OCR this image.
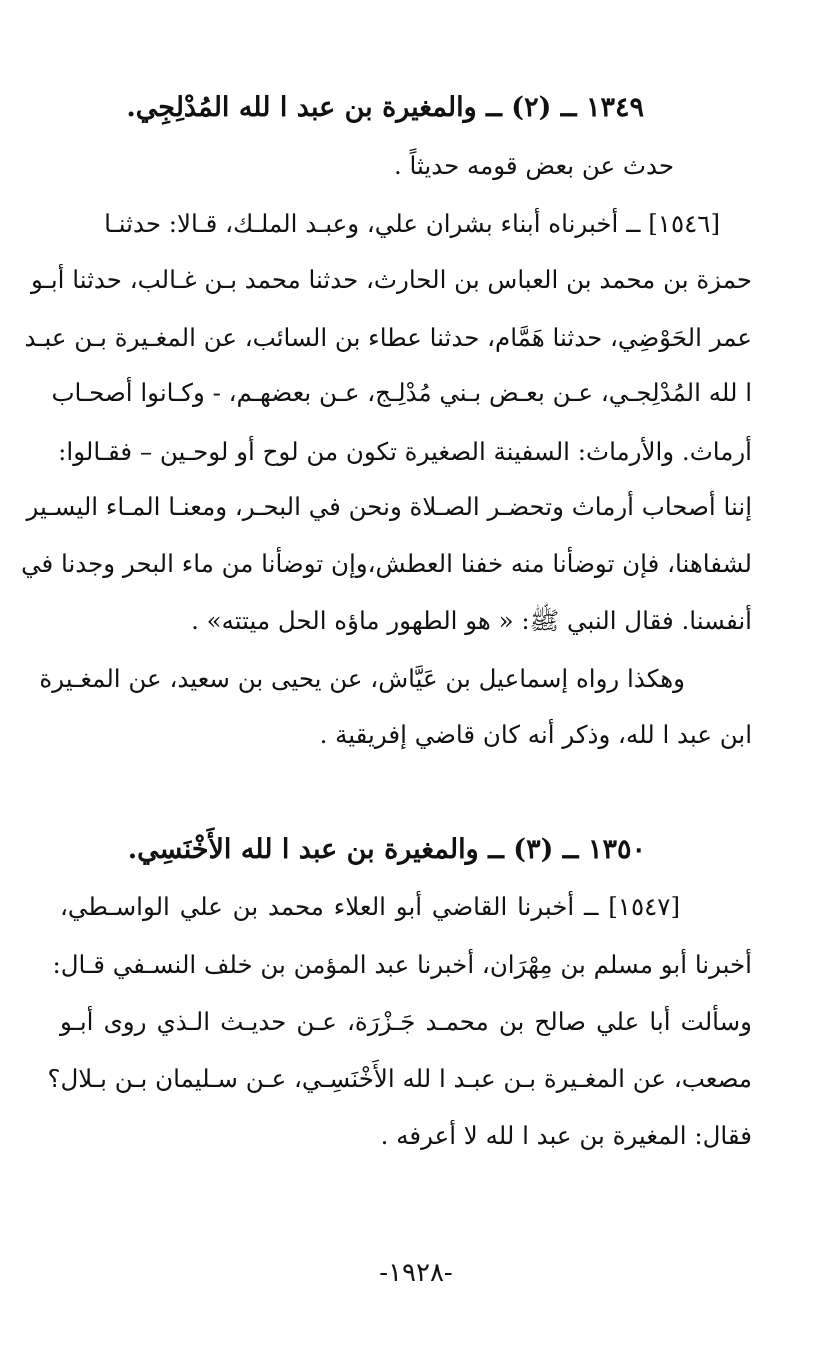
١٣٤٩ ــ (٢) ــ والمغيرة بن عبد ا لله المُدْلِجِي.
حدث عن بعض قومه حديثاً .
[١٥٤٦] ــ أخبرناه أبناء بشران علي، وعبـد الملـك، قـالا: حدثنـا
حمزة بن محمد بن العباس بن الحارث، حدثنا محمد بـن غـالب، حدثنا أبـو
عمر الحَوْضِي، حدثنا هَمَّام، حدثنا عطاء بن السائب، عن المغـيرة بـن عبـد
ا لله المُدْلِجـي، عـن بعـض بـني مُدْلِـج، عـن بعضهـم، - وكـانوا أصحـاب
أرماث. والأرماث: السفينة الصغيرة تكون من لوح أو لوحـين – فقـالوا:
إننا أصحاب أرماث وتحضـر الصـلاة ونحن في البحـر، ومعنـا المـاء اليسـير
لشفاهنا، فإن توضأنا منه خفنا العطش،وإن توضأنا من ماء البحر وجدنا في
أنفسنا. فقال النبي ﷺ: « هو الطهور ماؤه الحل ميتته» .
وهكذا رواه إسماعيل بن عَيَّاش، عن يحيى بن سعيد، عن المغـيرة
ابن عبد ا لله، وذكر أنه كان قاضي إفريقية .
١٣٥٠ ــ (٣) ــ والمغيرة بن عبد ا لله الأَخْنَسِي.
[١٥٤٧] ــ أخبرنا القاضي أبو العلاء محمد بن علي الواسـطي،
أخبرنا أبو مسلم بن مِهْرَان، أخبرنا عبد المؤمن بن خلف النسـفي قـال:
وسألت أبا علي صالح بن محمـد جَـزْرَة، عـن حديـث الـذي روى أبـو
مصعب، عن المغـيرة بـن عبـد ا لله الأَخْنَسِـي، عـن سـليمان بـن بـلال؟
فقال: المغيرة بن عبد ا لله لا أعرفه .
-١٩٢٨-
